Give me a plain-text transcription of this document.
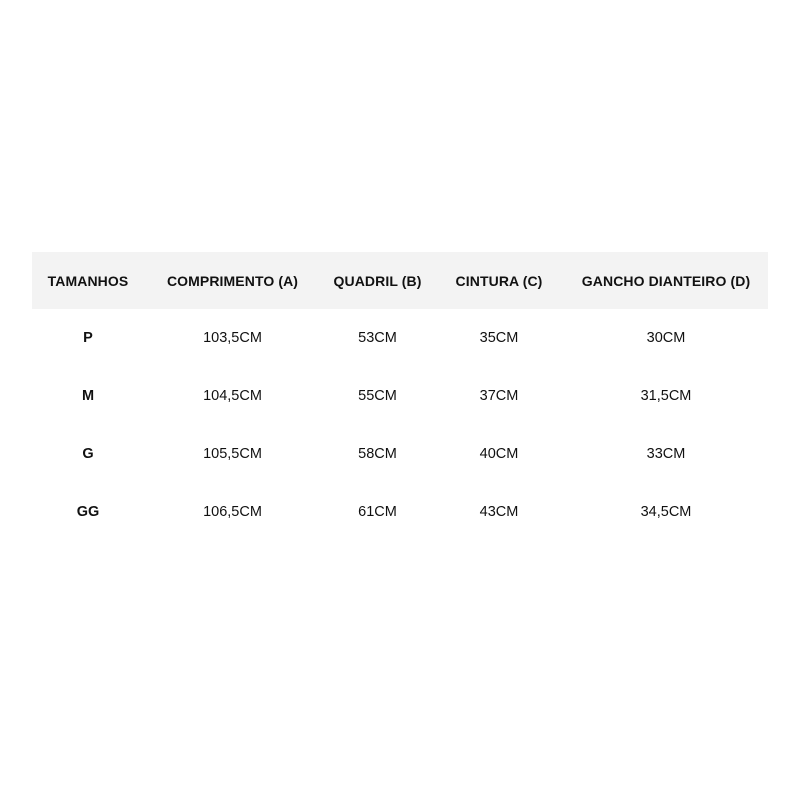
TAMANHOS	COMPRIMENTO (A)	QUADRIL (B)	CINTURA (C)	GANCHO DIANTEIRO (D)
P	103,5CM	53CM	35CM	30CM
M	104,5CM	55CM	37CM	31,5CM
G	105,5CM	58CM	40CM	33CM
GG	106,5CM	61CM	43CM	34,5CM
